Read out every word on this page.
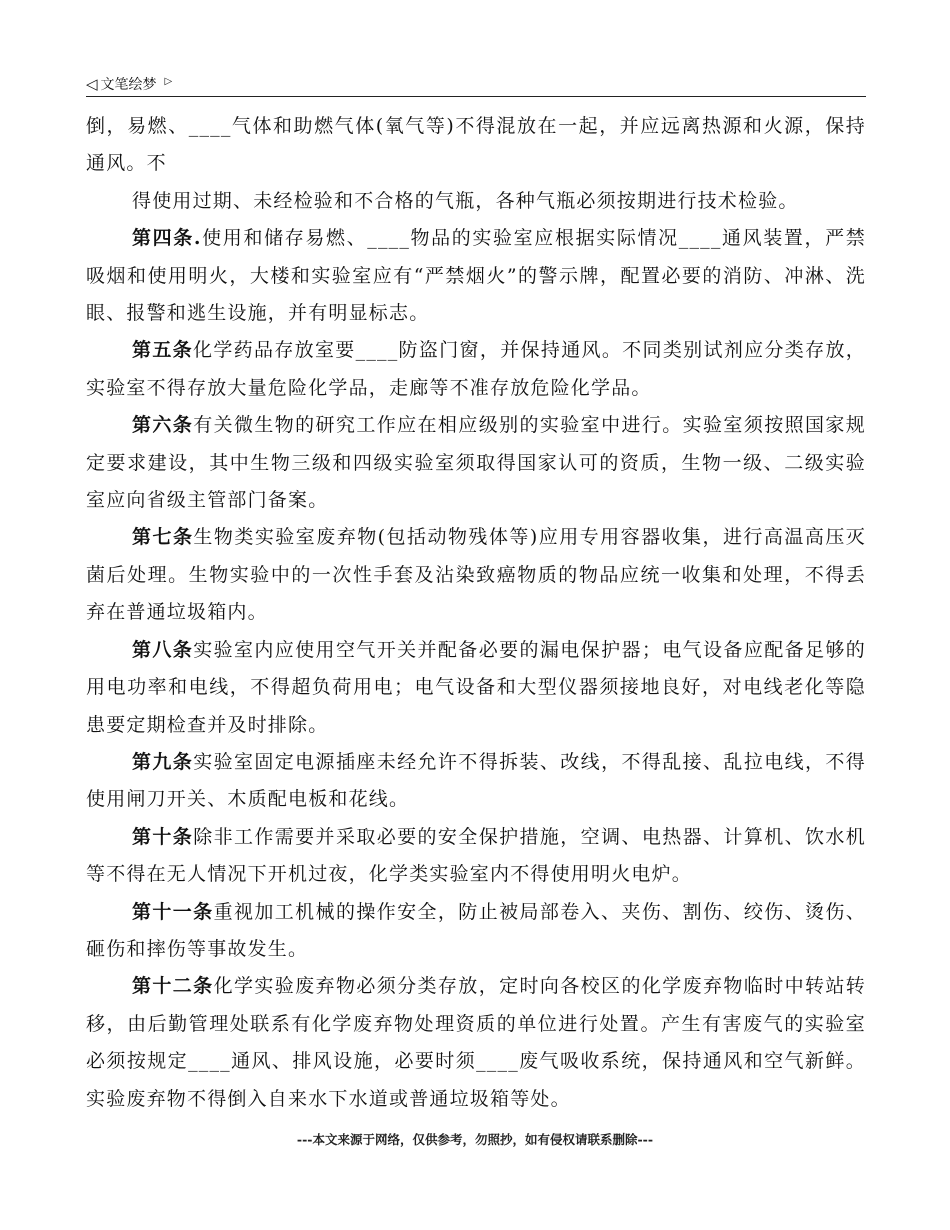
◁ 文笔绘梦 ▷

倒，易燃、____气体和助燃气体(氧气等)不得混放在一起，并应远离热源和火源，保持通风。不

得使用过期、未经检验和不合格的气瓶，各种气瓶必须按期进行技术检验。

第四条.使用和储存易燃、____物品的实验室应根据实际情况____通风装置，严禁吸烟和使用明火，大楼和实验室应有“严禁烟火”的警示牌，配置必要的消防、冲淋、洗眼、报警和逃生设施，并有明显标志。

第五条化学药品存放室要____防盗门窗，并保持通风。不同类别试剂应分类存放，实验室不得存放大量危险化学品，走廊等不准存放危险化学品。

第六条有关微生物的研究工作应在相应级别的实验室中进行。实验室须按照国家规定要求建设，其中生物三级和四级实验室须取得国家认可的资质，生物一级、二级实验室应向省级主管部门备案。

第七条生物类实验室废弃物(包括动物残体等)应用专用容器收集，进行高温高压灭菌后处理。生物实验中的一次性手套及沾染致癌物质的物品应统一收集和处理，不得丢弃在普通垃圾箱内。

第八条实验室内应使用空气开关并配备必要的漏电保护器；电气设备应配备足够的用电功率和电线，不得超负荷用电；电气设备和大型仪器须接地良好，对电线老化等隐患要定期检查并及时排除。

第九条实验室固定电源插座未经允许不得拆装、改线，不得乱接、乱拉电线，不得使用闸刀开关、木质配电板和花线。

第十条除非工作需要并采取必要的安全保护措施，空调、电热器、计算机、饮水机等不得在无人情况下开机过夜，化学类实验室内不得使用明火电炉。

第十一条重视加工机械的操作安全，防止被局部卷入、夹伤、割伤、绞伤、烫伤、砸伤和摔伤等事故发生。

第十二条化学实验废弃物必须分类存放，定时向各校区的化学废弃物临时中转站转移，由后勤管理处联系有化学废弃物处理资质的单位进行处置。产生有害废气的实验室必须按规定____通风、排风设施，必要时须____废气吸收系统，保持通风和空气新鲜。实验废弃物不得倒入自来水下水道或普通垃圾箱等处。

---本文来源于网络，仅供参考，勿照抄，如有侵权请联系删除---
